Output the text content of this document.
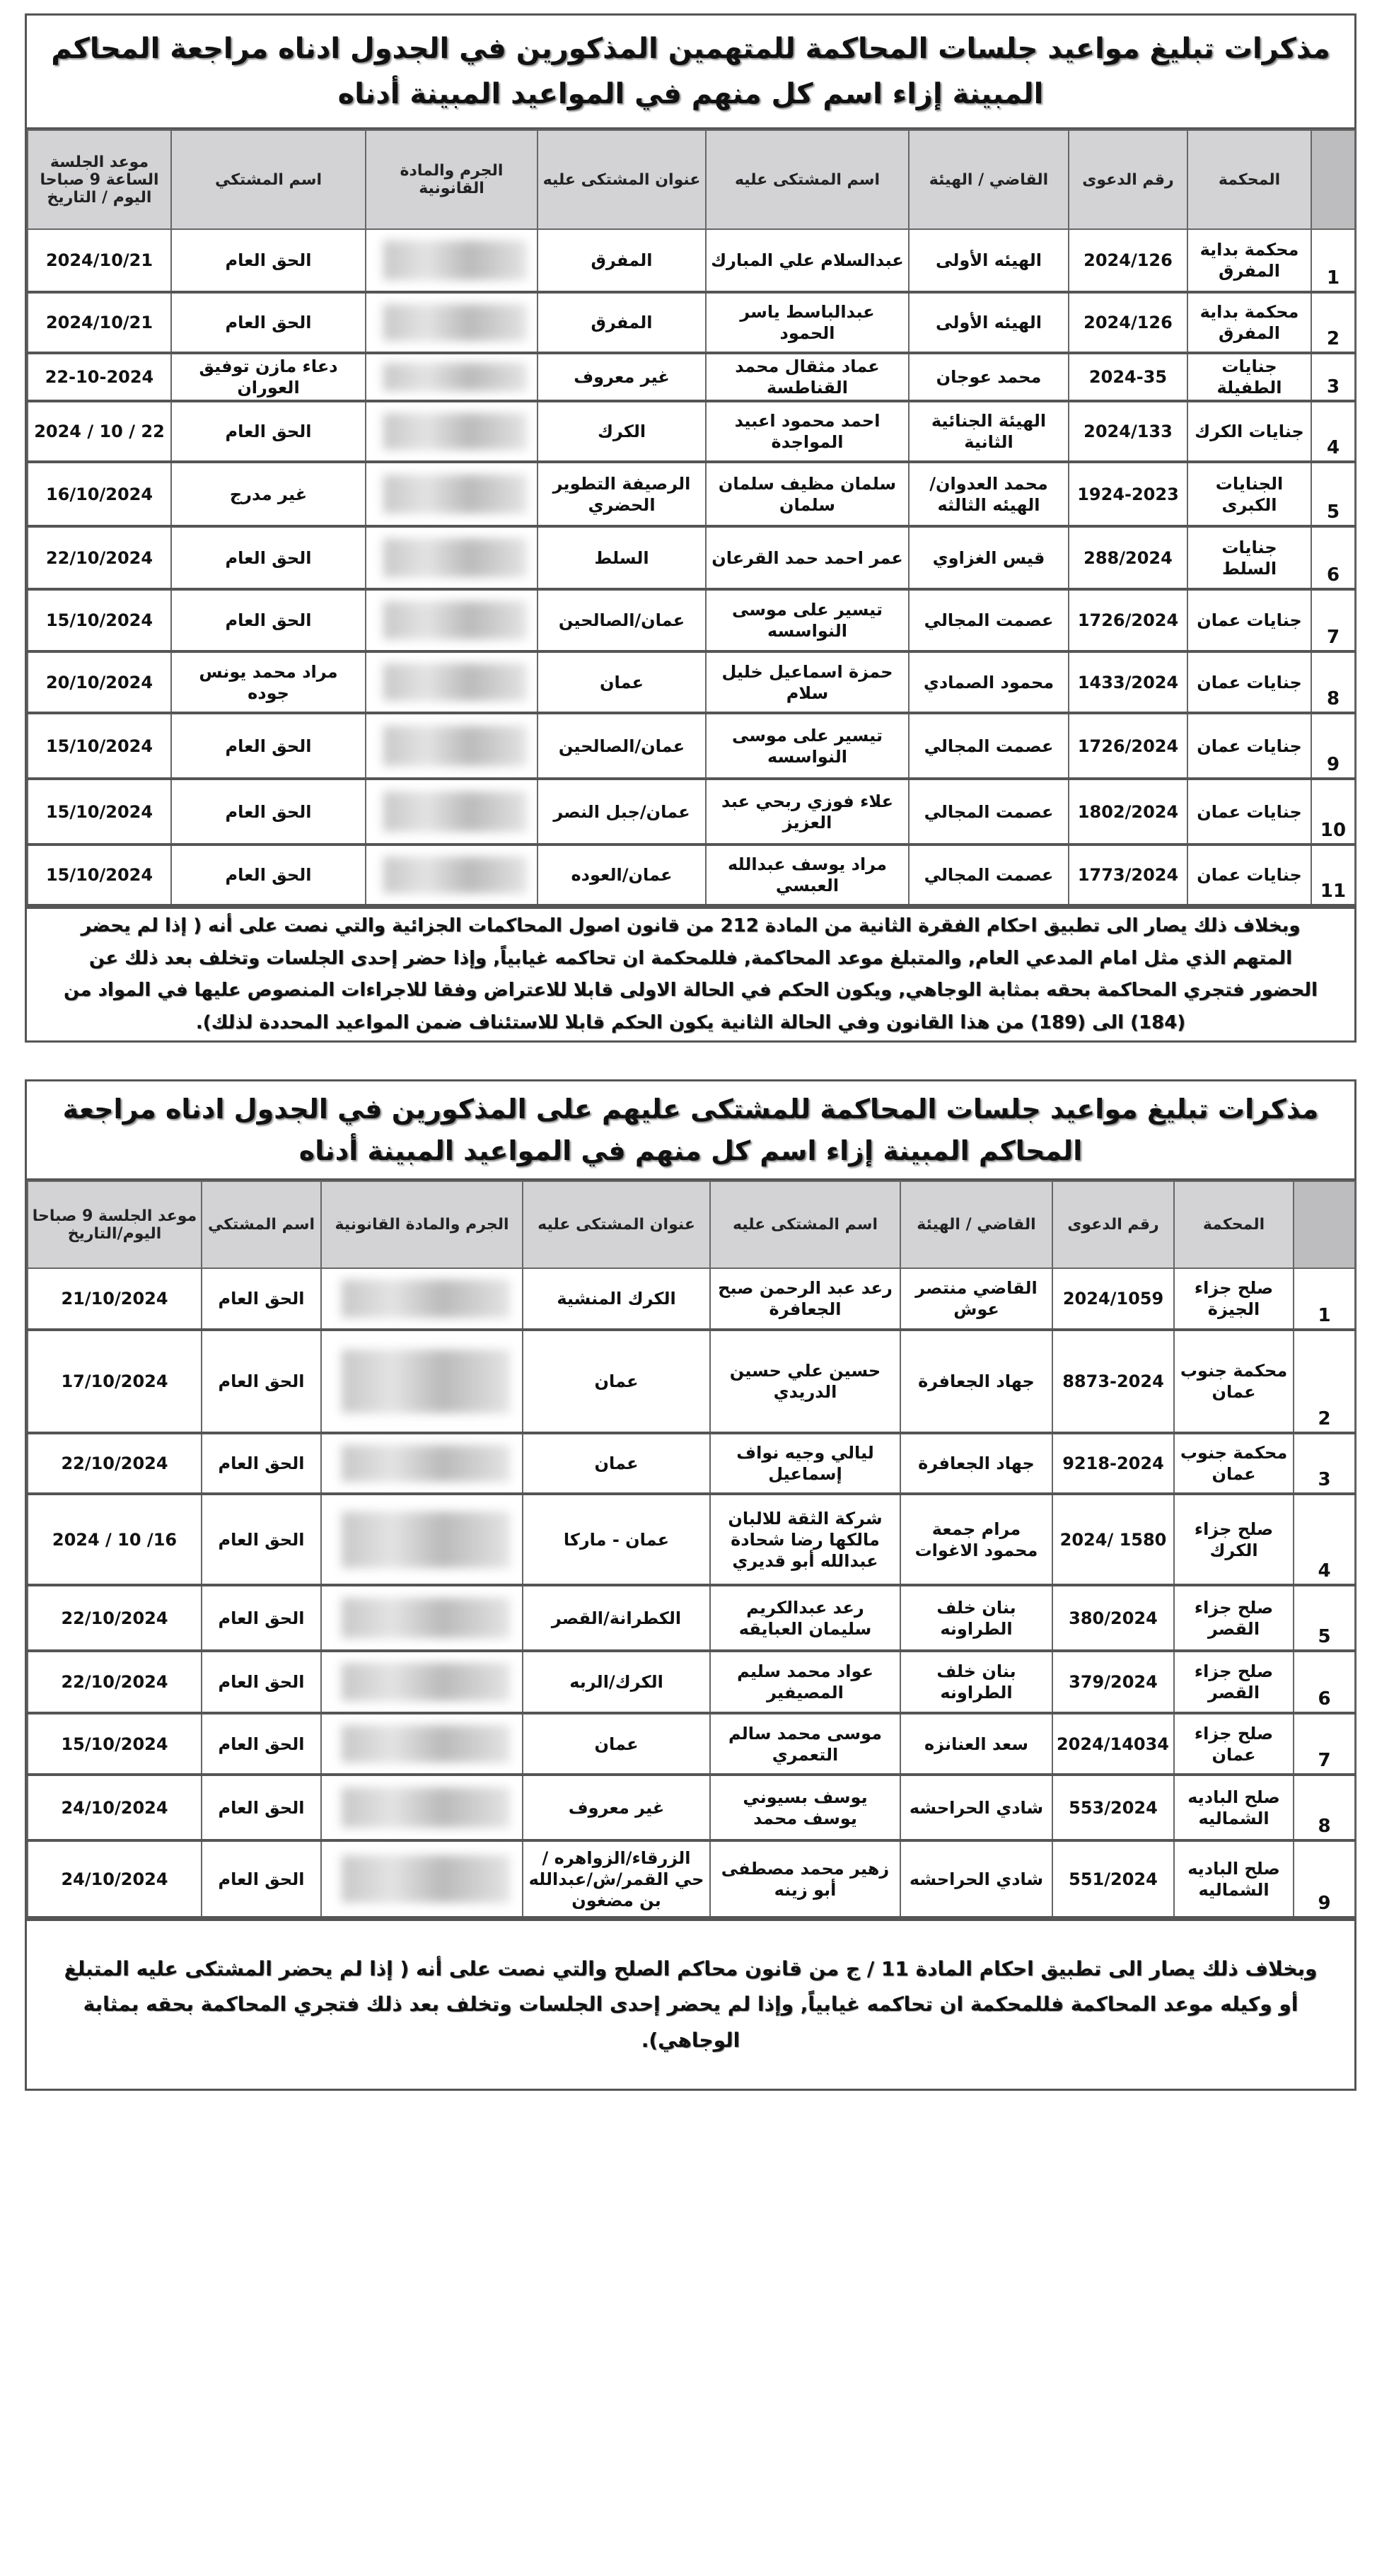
مذكرات تبليغ مواعيد جلسات المحاكمة للمتهمين المذكورين في الجدول ادناه مراجعة المحاكم المبينة إزاء اسم كل منهم في المواعيد المبينة أدناه
	المحكمة	رقم الدعوى	القاضي / الهيئة	اسم المشتكى عليه	عنوان المشتكى عليه	الجرم والمادة القانونية	اسم المشتكي	موعد الجلسة الساعة 9 صباحا اليوم / التاريخ
1	محكمة بداية المفرق	2024/126	الهيئه الأولى	عبدالسلام علي المبارك	المفرق		الحق العام	2024/10/21
2	محكمة بداية المفرق	2024/126	الهيئه الأولى	عبدالباسط ياسر الحمود	المفرق		الحق العام	2024/10/21
3	جنايات الطفيلة	2024-35	محمد عوجان	عماد مثقال محمد القناطسة	غير معروف		دعاء مازن توفيق العوران	22-10-2024
4	جنايات الكرك	2024/133	الهيئة الجنائية الثانية	احمد محمود اعبيد المواجدة	الكرك		الحق العام	22 / 10 / 2024
5	الجنايات الكبرى	1924-2023	محمد العدوان/الهيئه الثالثه	سلمان مظيف سلمان سلمان	الرصيفة التطوير الحضري		غير مدرج	16/10/2024
6	جنايات السلط	288/2024	قيس الغزاوي	عمر احمد حمد القرعان	السلط		الحق العام	22/10/2024
7	جنايات عمان	1726/2024	عصمت المجالي	تيسير على موسى النواسسه	عمان/الصالحين		الحق العام	15/10/2024
8	جنايات عمان	1433/2024	محمود الصمادي	حمزة اسماعيل خليل سلام	عمان		مراد محمد يونس جوده	20/10/2024
9	جنايات عمان	1726/2024	عصمت المجالي	تيسير على موسى النواسسه	عمان/الصالحين		الحق العام	15/10/2024
10	جنايات عمان	1802/2024	عصمت المجالي	علاء فوزي ربحي عبد العزيز	عمان/جبل النصر		الحق العام	15/10/2024
11	جنايات عمان	1773/2024	عصمت المجالي	مراد يوسف عبدالله العبسي	عمان/العوده		الحق العام	15/10/2024
وبخلاف ذلك يصار الى تطبيق احكام الفقرة الثانية من المادة 212 من قانون اصول المحاكمات الجزائية والتي نصت على أنه ( إذا لم يحضر المتهم الذي مثل امام المدعي العام, والمتبلغ موعد المحاكمة, فللمحكمة ان تحاكمه غيابياً, وإذا حضر إحدى الجلسات وتخلف بعد ذلك عن الحضور فتجري المحاكمة بحقه بمثابة الوجاهي, ويكون الحكم في الحالة الاولى قابلا للاعتراض وفقا للاجراءات المنصوص عليها في المواد من (184) الى (189) من هذا القانون وفي الحالة الثانية يكون الحكم قابلا للاستئناف ضمن المواعيد المحددة لذلك).
مذكرات تبليغ مواعيد جلسات المحاكمة للمشتكى عليهم على المذكورين في الجدول ادناه مراجعة المحاكم المبينة إزاء اسم كل منهم في المواعيد المبينة أدناه
	المحكمة	رقم الدعوى	القاضي / الهيئة	اسم المشتكى عليه	عنوان المشتكى عليه	الجرم والمادة القانونية	اسم المشتكي	موعد الجلسة 9 صباحا اليوم/التاريخ
1	صلح جزاء الجيزة	2024/1059	القاضي منتصر عوش	رعد عبد الرحمن صبح الجعافرة	الكرك المنشية		الحق العام	21/10/2024
2	محكمة جنوب عمان	8873-2024	جهاد الجعافرة	حسين علي حسين الدريدي	عمان		الحق العام	17/10/2024
3	محكمة جنوب عمان	9218-2024	جهاد الجعافرة	ليالي وجيه نواف إسماعيل	عمان		الحق العام	22/10/2024
4	صلح جزاء الكرك	1580 /2024	مرام جمعة محمود الاغوات	شركة الثقة للالبان مالكها رضا شحادة عبدالله أبو قديري	عمان - ماركا		الحق العام	16/ 10 / 2024
5	صلح جزاء القصر	380/2024	بنان خلف الطراونه	رعد عبدالكريم سليمان العبايقه	الكطرانة/القصر		الحق العام	22/10/2024
6	صلح جزاء القصر	379/2024	بنان خلف الطراونه	عواد محمد سليم المصيفير	الكرك/الربه		الحق العام	22/10/2024
7	صلح جزاء عمان	2024/14034	سعد العنانزه	موسى محمد سالم التعمري	عمان		الحق العام	15/10/2024
8	صلح الباديه الشماليه	553/2024	شادي الحراحشه	يوسف بسيوني يوسف محمد	غير معروف		الحق العام	24/10/2024
9	صلح الباديه الشماليه	551/2024	شادي الحراحشه	زهير محمد مصطفى أبو زينه	الزرقاء/الزواهره /حي القمر/ش/عبدالله بن مضغون		الحق العام	24/10/2024
وبخلاف ذلك يصار الى تطبيق احكام المادة 11 / ج من قانون محاكم الصلح والتي نصت على أنه ( إذا لم يحضر المشتكى عليه المتبلغ أو وكيله موعد المحاكمة فللمحكمة ان تحاكمه غيابياً, وإذا لم يحضر إحدى الجلسات وتخلف بعد ذلك فتجري المحاكمة بحقه بمثابة الوجاهي).
